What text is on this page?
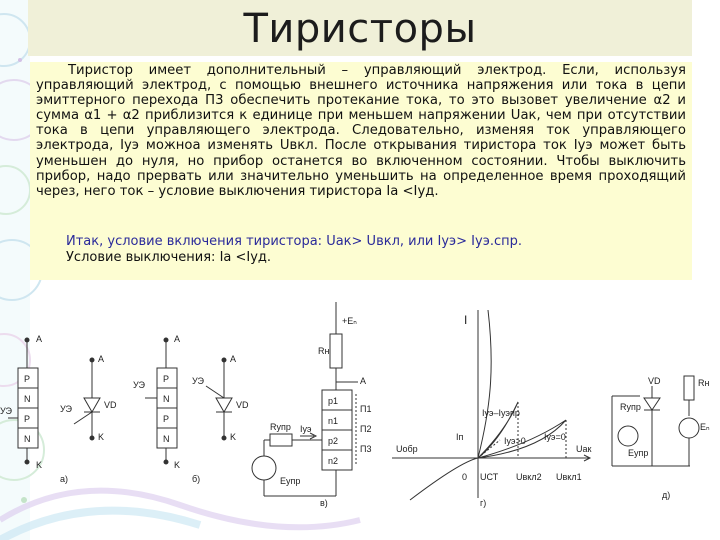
Тиристоры
Тиристор имеет дополнительный – управляющий электрод. Если, используя управляющий электрод, с помощью внешнего источника напряжения или тока в цепи эмиттерного перехода П3 обеспечить протекание тока, то это вызовет увеличение α2 и сумма α1 + α2 приблизится к единице при меньшем напряжении Uак, чем при отсутствии тока в цепи управляющего электрода. Следовательно, изменяя ток управляющего электрода, Iуэ можноа изменять Uвкл. После открывания тиристора ток Iуэ может быть уменьшен до нуля, но прибор останется во включенном состоянии. Чтобы выключить прибор, надо прервать или значительно уменьшить на определенное время проходящий через, него ток – условие выключения тиристора Ia <Iуд.
Итак, условие включения тиристора: Uак> Uвкл, или Iуэ> Iуэ.спр.
Условие выключения: Ia <Iуд.
A
P
N
P
N
K
УЭ
A
K
УЭ	VD
а)
A
P
N
P
N
K
УЭ
A
K
УЭ
VD
б)
+Eₙ
Rн
А
p1
n1
p2
n2
П1
П2
П3
Rупр Iуэ
Eупр
в)
I
Uак
Iуэ–Iуэпр
Iп	Iуэ>0 Iуэ=0
Uобр
0 UСТ Uвкл2 Uвкл1
г)
VD	Rн
Rупр
Eупр
Eₙ
д)
